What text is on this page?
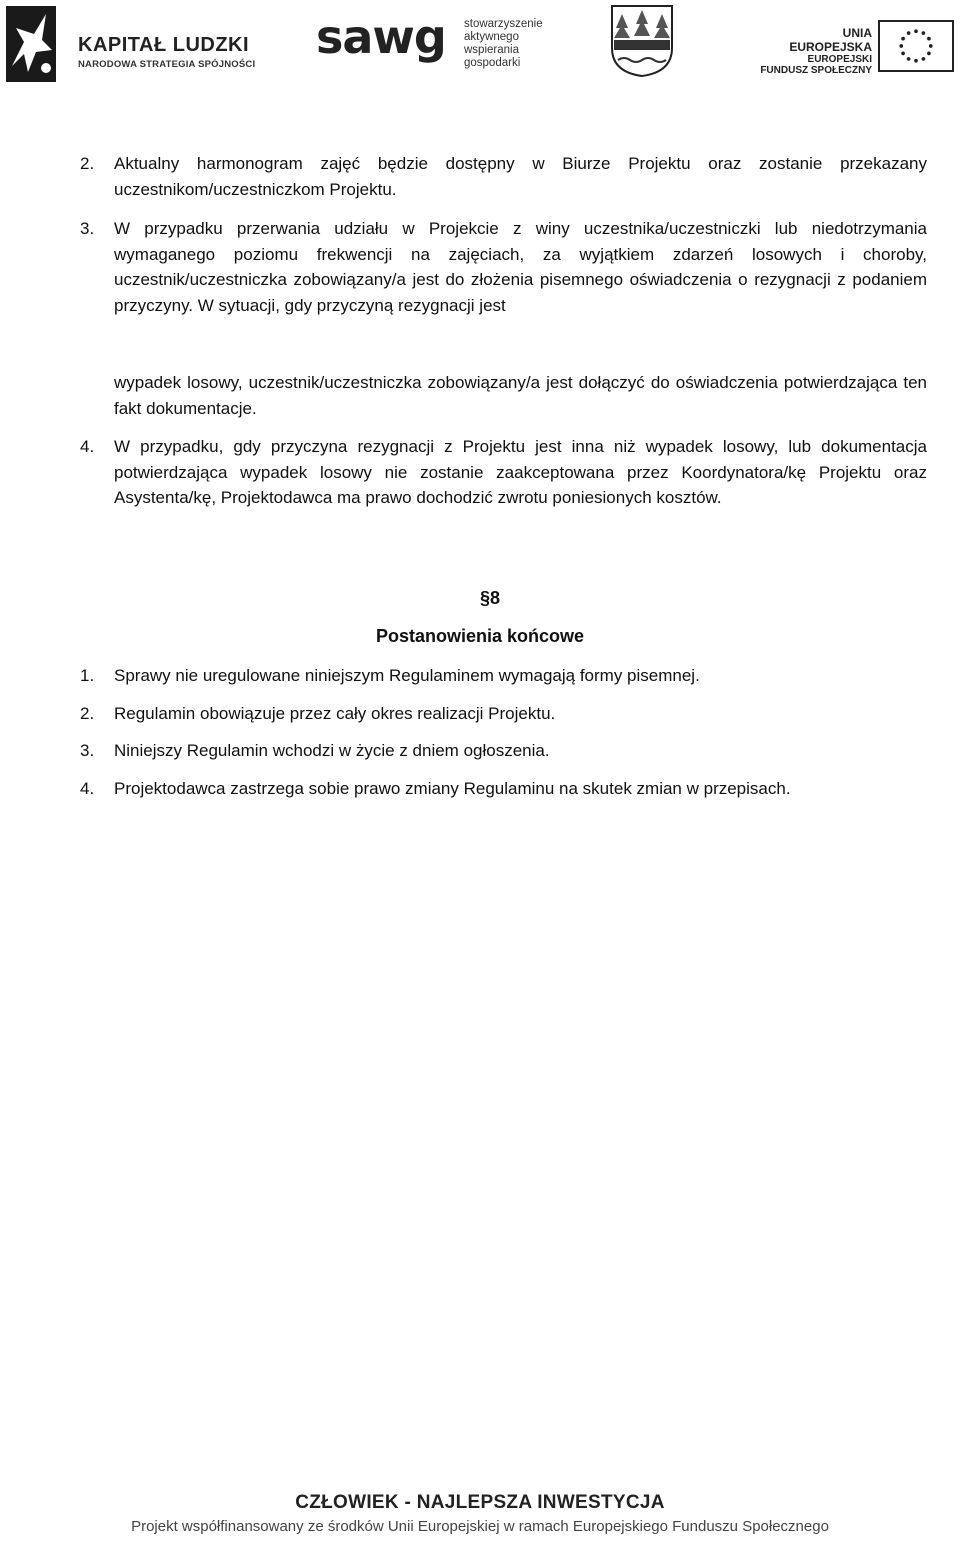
KAPITAŁ LUDZKI
NARODOWA STRATEGIA SPÓJNOŚCI
sawg stowarzyszenie
aktywnego
wspierania
gospodarki
UNIA EUROPEJSKA
EUROPEJSKI
FUNDUSZ SPOŁECZNY
2. Aktualny harmonogram zajęć będzie dostępny w Biurze Projektu oraz zostanie przekazany uczestnikom/uczestniczkom Projektu.
3. W przypadku przerwania udziału w Projekcie z winy uczestnika/uczestniczki lub niedotrzymania wymaganego poziomu frekwencji na zajęciach, za wyjątkiem zdarzeń losowych i choroby, uczestnik/uczestniczka zobowiązany/a jest do złożenia pisemnego oświadczenia o rezygnacji z podaniem przyczyny. W sytuacji, gdy przyczyną rezygnacji jest
wypadek losowy, uczestnik/uczestniczka zobowiązany/a jest dołączyć do oświadczenia potwierdzająca ten fakt dokumentacje.
4. W przypadku, gdy przyczyna rezygnacji z Projektu jest inna niż wypadek losowy, lub dokumentacja potwierdzająca wypadek losowy nie zostanie zaakceptowana przez Koordynatora/kę Projektu oraz Asystenta/kę, Projektodawca ma prawo dochodzić zwrotu poniesionych kosztów.
§8
Postanowienia końcowe
1. Sprawy nie uregulowane niniejszym Regulaminem wymagają formy pisemnej.
2. Regulamin obowiązuje przez cały okres realizacji Projektu.
3. Niniejszy Regulamin wchodzi w życie z dniem ogłoszenia.
4. Projektodawca zastrzega sobie prawo zmiany Regulaminu na skutek zmian w przepisach.
CZŁOWIEK - NAJLEPSZA INWESTYCJA
Projekt współfinansowany ze środków Unii Europejskiej w ramach Europejskiego Funduszu Społecznego
